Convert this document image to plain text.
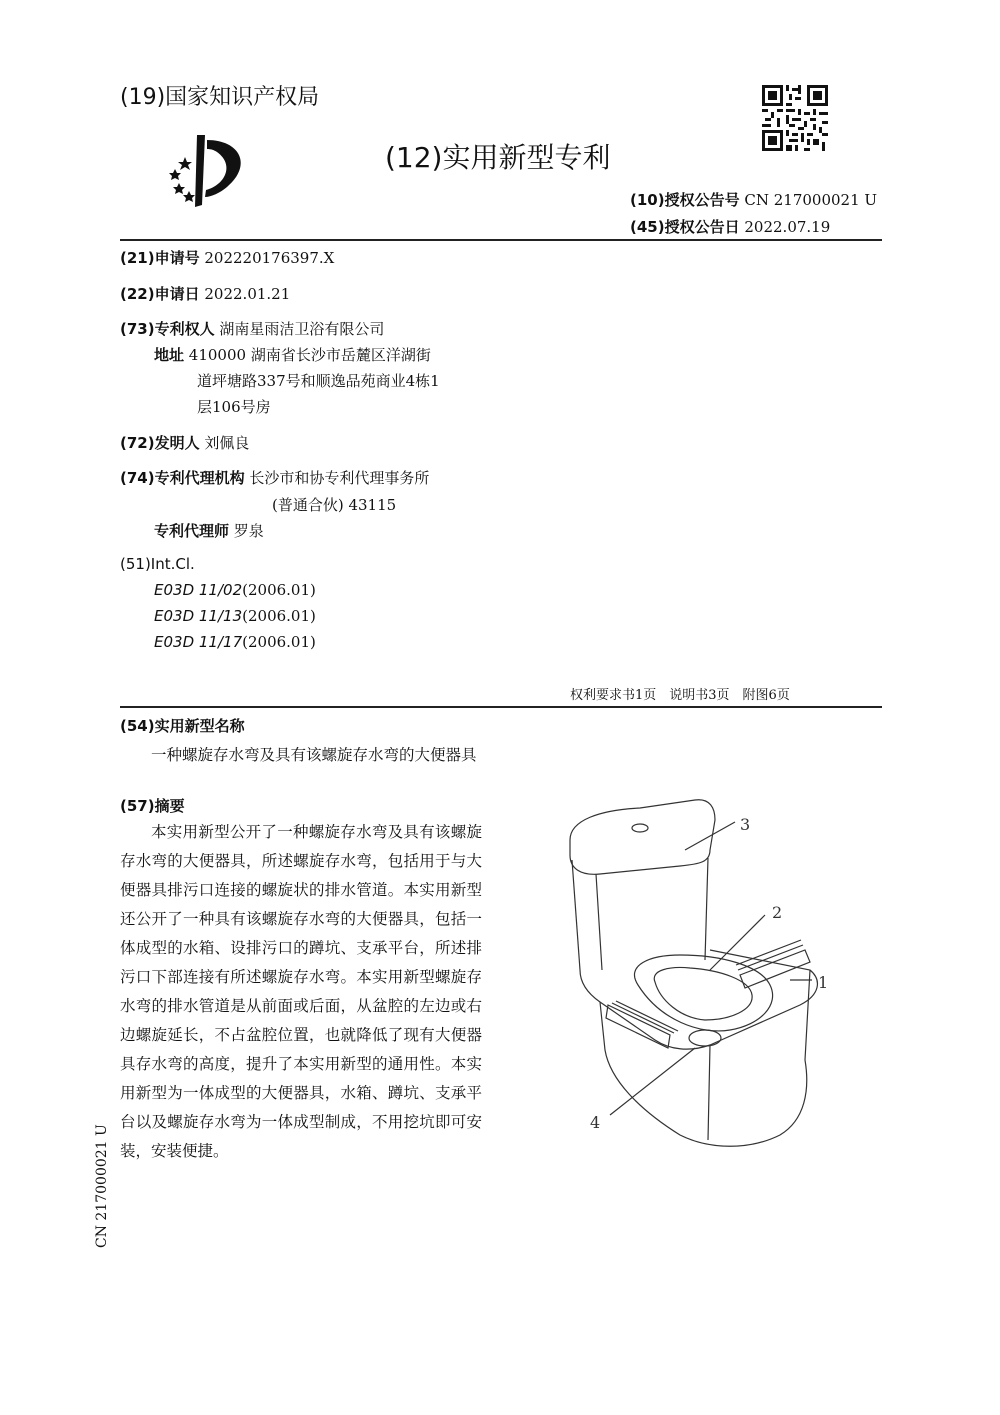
(19)国家知识产权局
(12)实用新型专利
(10)授权公告号 CN 217000021 U
(45)授权公告日 2022.07.19
(21)申请号 202220176397.X
(22)申请日 2022.01.21
(73)专利权人 湖南星雨洁卫浴有限公司
地址 410000 湖南省长沙市岳麓区洋湖街
道坪塘路337号和顺逸品苑商业4栋1
层106号房
(72)发明人 刘佩良
(74)专利代理机构 长沙市和协专利代理事务所
(普通合伙) 43115
专利代理师 罗泉
(51)Int.Cl.
E03D 11/02(2006.01)
E03D 11/13(2006.01)
E03D 11/17(2006.01)
权利要求书1页　说明书3页　附图6页
(54)实用新型名称
一种螺旋存水弯及具有该螺旋存水弯的大便器具
(57)摘要
本实用新型公开了一种螺旋存水弯及具有该螺旋存水弯的大便器具，所述螺旋存水弯，包括用于与大便器具排污口连接的螺旋状的排水管道。本实用新型还公开了一种具有该螺旋存水弯的大便器具，包括一体成型的水箱、设排污口的蹲坑、支承平台，所述排污口下部连接有所述螺旋存水弯。本实用新型螺旋存水弯的排水管道是从前面或后面，从盆腔的左边或右边螺旋延长，不占盆腔位置，也就降低了现有大便器具存水弯的高度，提升了本实用新型的通用性。本实用新型为一体成型的大便器具，水箱、蹲坑、支承平台以及螺旋存水弯为一体成型制成，不用挖坑即可安装，安装便捷。
3
2
1
4
CN 217000021 U
